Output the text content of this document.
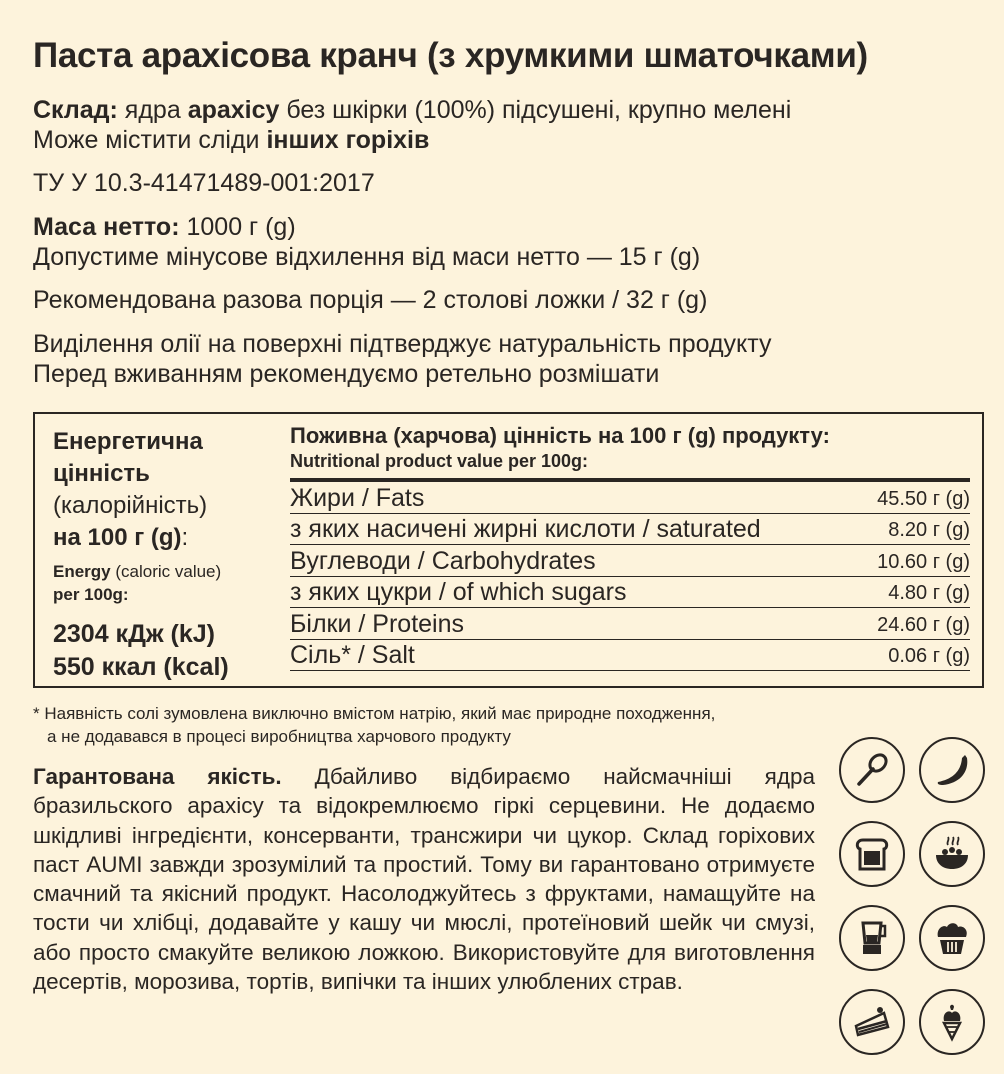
Паста арахісова кранч (з хрумкими шматочками)

Склад: ядра арахісу без шкірки (100%) підсушені, крупно мелені

Може містити сліди інших горіхів

ТУ У 10.3-41471489-001:2017

Маса нетто: 1000 г (g)

Допустиме мінусове відхилення від маси нетто — 15 г (g)

Рекомендована разова порція — 2 столові ложки / 32 г (g)

Виділення олії на поверхні підтверджує натуральність продукту

Перед вживанням рекомендуємо ретельно розмішати

Енергетична
цінність
(калорійність)
на 100 г (g):
Energy (caloric value)
per 100g:
2304 кДж (kJ)
550 ккал (kcal)
Поживна (харчова) цінність на 100 г (g) продукту:
Nutritional product value per 100g:
Жири / Fats	45.50 г (g)
з яких насичені жирні кислоти / saturated	8.20 г (g)
Вуглеводи / Carbohydrates	10.60 г (g)
з яких цукри / of which sugars	4.80 г (g)
Білки / Proteins	24.60 г (g)
Сіль* / Salt	0.06 г (g)
* Наявність солі зумовлена виключно вмістом натрію, який має природне походження,
а не додавався в процесі виробництва харчового продукту

Гарантована якість. Дбайливо відбираємо найсмачніші ядра бразильского арахісу та відокремлюємо гіркі серцевини. Не додаємо шкідливі інгредієнти, консерванти, трансжири чи цукор. Склад горіхових паст AUMI завжди зрозумілий та простий. Тому ви гарантовано отримуєте смачний та якісний продукт. Насолоджуйтесь з фруктами, намащуйте на тости чи хлібці, додавайте у кашу чи мюслі, протеїновий шейк чи смузі, або просто смакуйте великою ложкою. Використовуйте для виготовлення десертів, морозива, тортів, випічки та інших улюблених страв.
